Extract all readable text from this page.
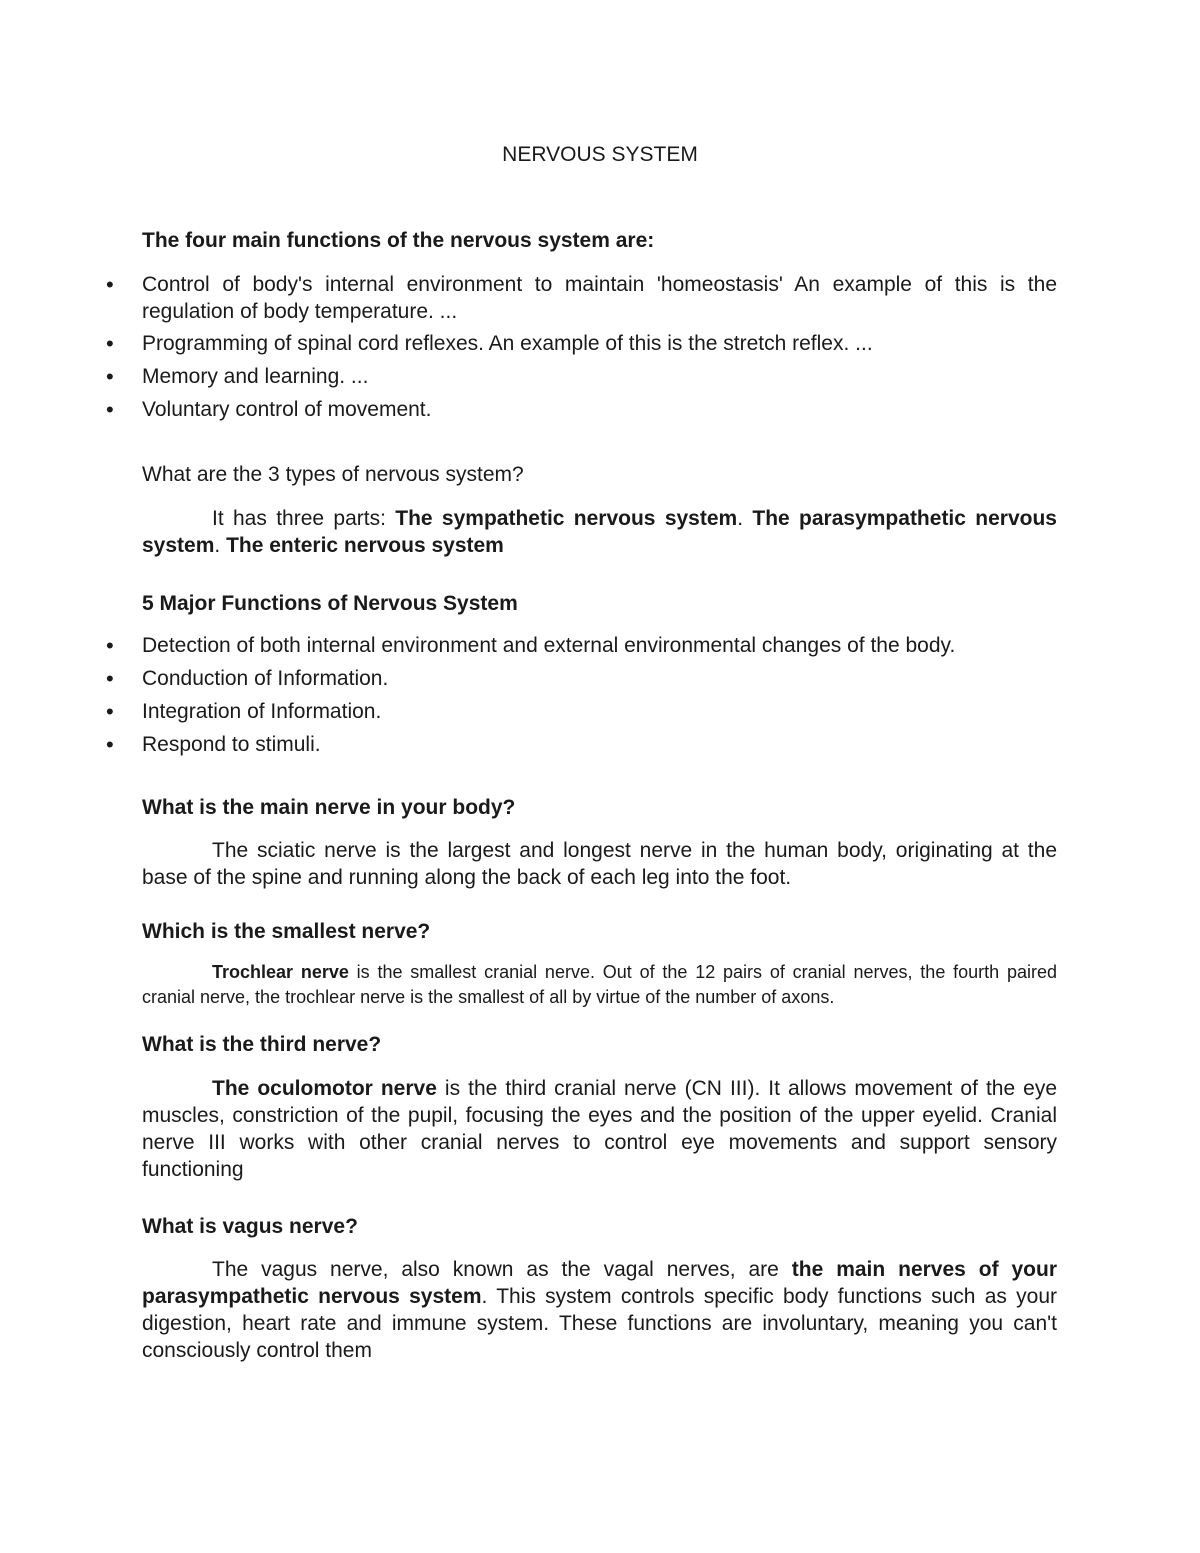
NERVOUS SYSTEM
The four main functions of the nervous system are:
• Control of body's internal environment to maintain 'homeostasis' An example of this is the regulation of body temperature. ...
• Programming of spinal cord reflexes. An example of this is the stretch reflex. ...
• Memory and learning. ...
• Voluntary control of movement.
What are the 3 types of nervous system?

It has three parts: The sympathetic nervous system. The parasympathetic nervous system. The enteric nervous system

5 Major Functions of Nervous System
• Detection of both internal environment and external environmental changes of the body.
• Conduction of Information.
• Integration of Information.
• Respond to stimuli.
What is the main nerve in your body?

The sciatic nerve is the largest and longest nerve in the human body, originating at the base of the spine and running along the back of each leg into the foot.

Which is the smallest nerve?

Trochlear nerve is the smallest cranial nerve. Out of the 12 pairs of cranial nerves, the fourth paired cranial nerve, the trochlear nerve is the smallest of all by virtue of the number of axons.

What is the third nerve?

The oculomotor nerve is the third cranial nerve (CN III). It allows movement of the eye muscles, constriction of the pupil, focusing the eyes and the position of the upper eyelid. Cranial nerve III works with other cranial nerves to control eye movements and support sensory functioning

What is vagus nerve?

The vagus nerve, also known as the vagal nerves, are the main nerves of your parasympathetic nervous system. This system controls specific body functions such as your digestion, heart rate and immune system. These functions are involuntary, meaning you can't consciously control them
